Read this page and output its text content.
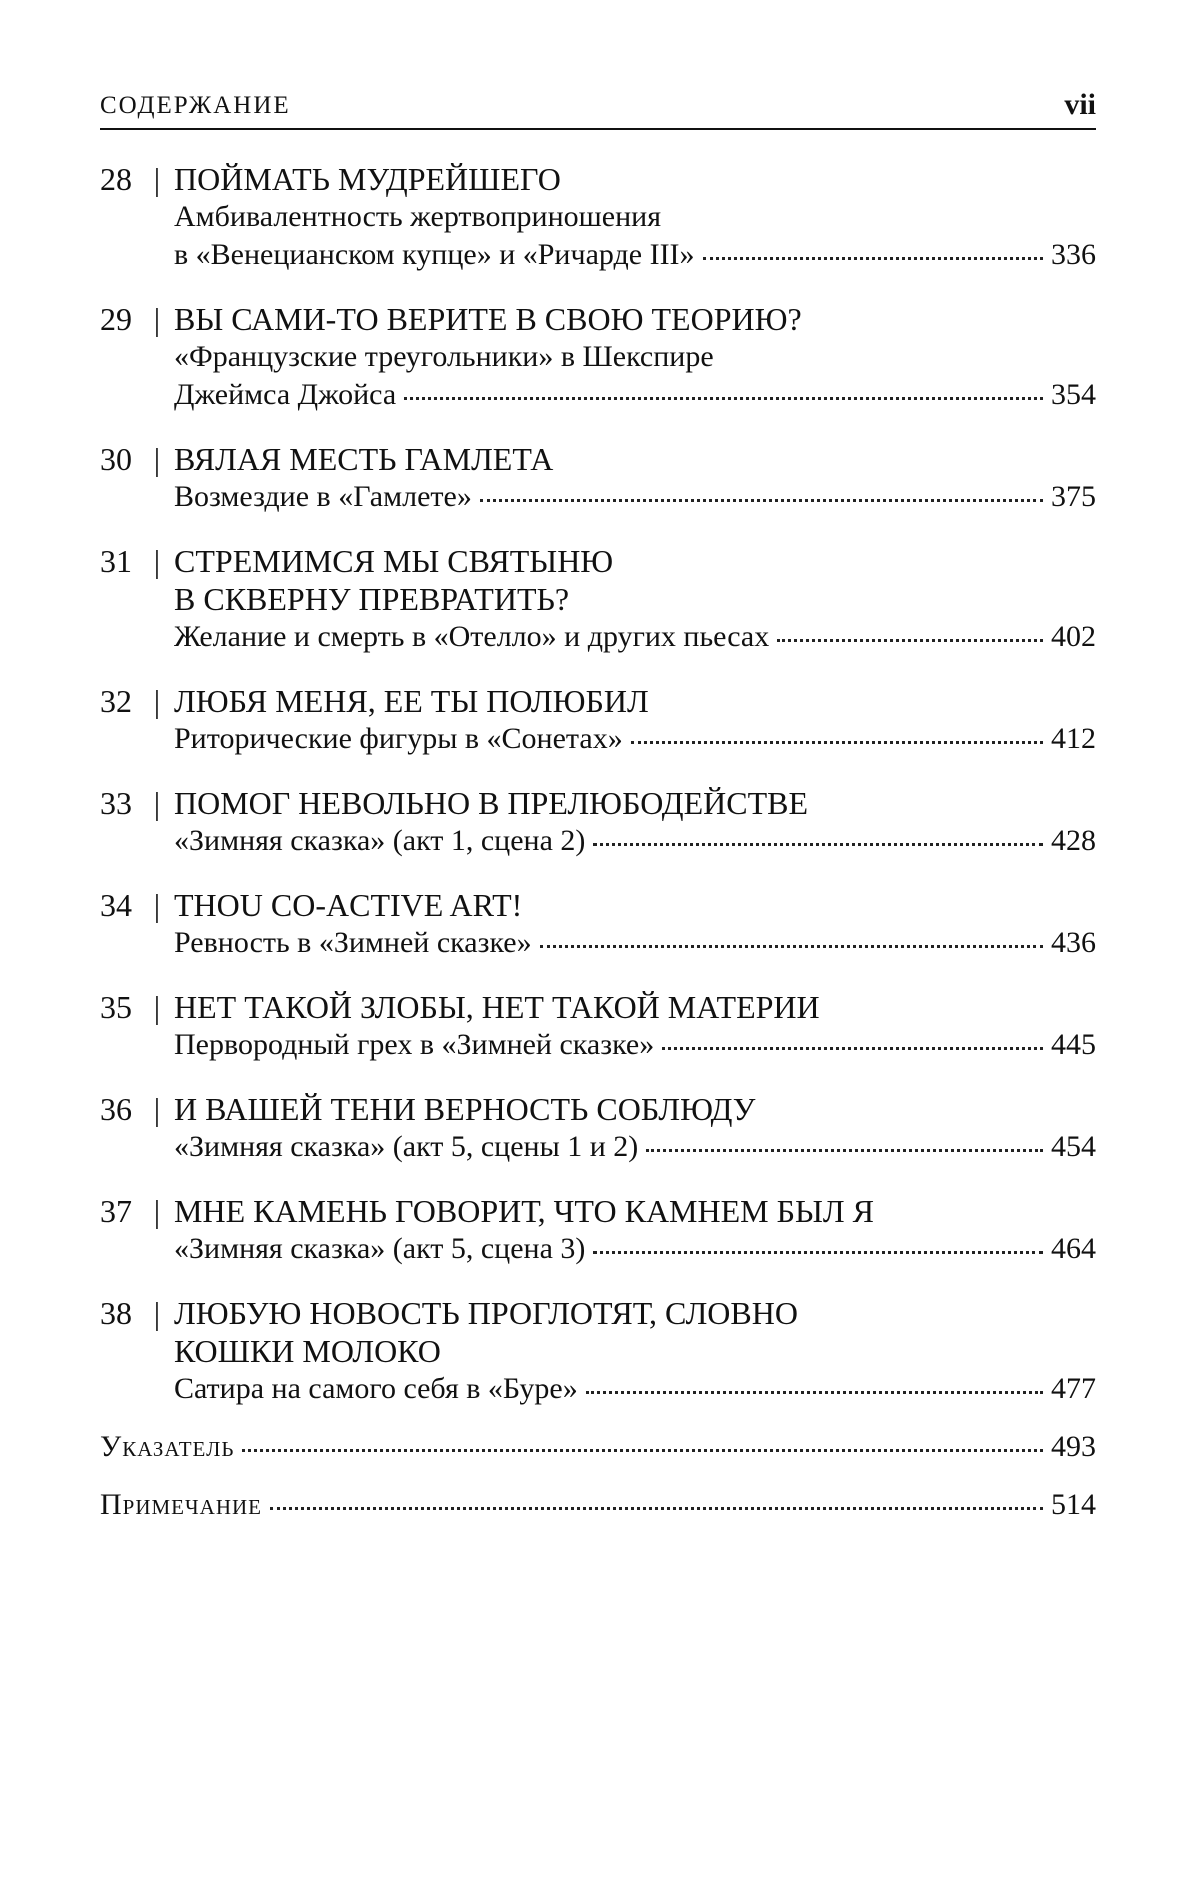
СОДЕРЖАНИЕ	vii
28 | ПОЙМАТЬ МУДРЕЙШЕГО
Амбивалентность жертвоприношения
в «Венецианском купце» и «Ричарде III»	336
29 | ВЫ САМИ-ТО ВЕРИТЕ В СВОЮ ТЕОРИЮ?
«Французские треугольники» в Шекспире
Джеймса Джойса	354
30 | ВЯЛАЯ МЕСТЬ ГАМЛЕТА
Возмездие в «Гамлете»	375
31 | СТРЕМИМСЯ МЫ СВЯТЫНЮ
В СКВЕРНУ ПРЕВРАТИТЬ?
Желание и смерть в «Отелло» и других пьесах	402
32 | ЛЮБЯ МЕНЯ, ЕЕ ТЫ ПОЛЮБИЛ
Риторические фигуры в «Сонетах»	412
33 | ПОМОГ НЕВОЛЬНО В ПРЕЛЮБОДЕЙСТВЕ
«Зимняя сказка» (акт 1, сцена 2)	428
34 | THOU CO-ACTIVE ART!
Ревность в «Зимней сказке»	436
35 | НЕТ ТАКОЙ ЗЛОБЫ, НЕТ ТАКОЙ МАТЕРИИ
Первородный грех в «Зимней сказке»	445
36 | И ВАШЕЙ ТЕНИ ВЕРНОСТЬ СОБЛЮДУ
«Зимняя сказка» (акт 5, сцены 1 и 2)	454
37 | МНЕ КАМЕНЬ ГОВОРИТ, ЧТО КАМНЕМ БЫЛ Я
«Зимняя сказка» (акт 5, сцена 3)	464
38 | ЛЮБУЮ НОВОСТЬ ПРОГЛОТЯТ, СЛОВНО
КОШКИ МОЛОКО
Сатира на самого себя в «Буре»	477
Указатель	493
Примечание	514
